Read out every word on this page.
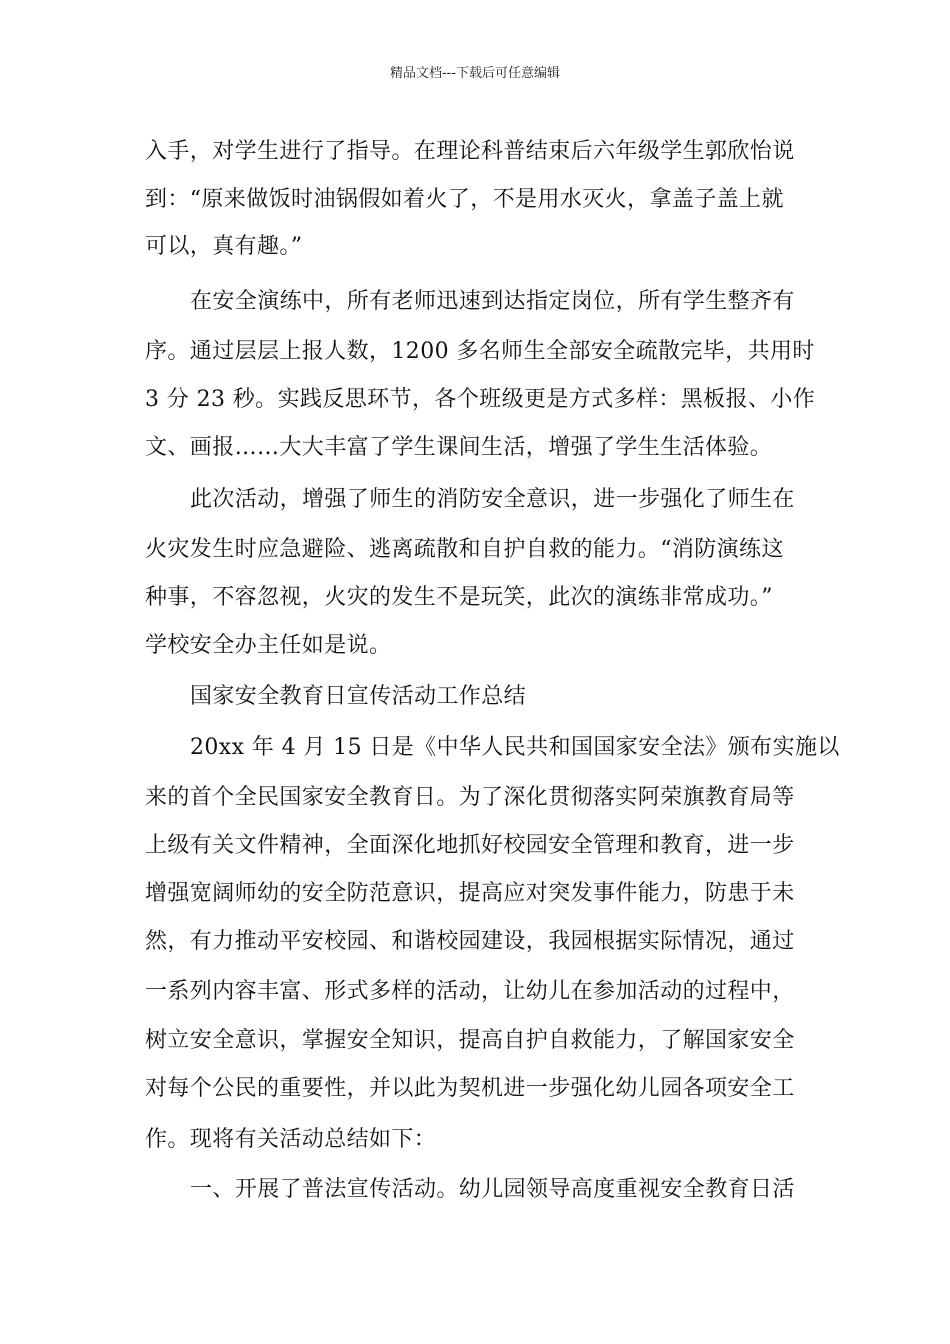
精品文档---下载后可任意编辑
入手，对学生进行了指导。在理论科普结束后六年级学生郭欣怡说
到：“原来做饭时油锅假如着火了，不是用水灭火，拿盖子盖上就
可以，真有趣。”
在安全演练中，所有老师迅速到达指定岗位，所有学生整齐有
序。通过层层上报人数，1200 多名师生全部安全疏散完毕，共用时
3 分 23 秒。实践反思环节，各个班级更是方式多样：黑板报、小作
文、画报……大大丰富了学生课间生活，增强了学生生活体验。
此次活动，增强了师生的消防安全意识，进一步强化了师生在
火灾发生时应急避险、逃离疏散和自护自救的能力。“消防演练这
种事，不容忽视，火灾的发生不是玩笑，此次的演练非常成功。”
学校安全办主任如是说。
国家安全教育日宣传活动工作总结
20xx 年 4 月 15 日是《中华人民共和国国家安全法》颁布实施以
来的首个全民国家安全教育日。为了深化贯彻落实阿荣旗教育局等
上级有关文件精神，全面深化地抓好校园安全管理和教育，进一步
增强宽阔师幼的安全防范意识，提高应对突发事件能力，防患于未
然，有力推动平安校园、和谐校园建设，我园根据实际情况，通过
一系列内容丰富、形式多样的活动，让幼儿在参加活动的过程中，
树立安全意识，掌握安全知识，提高自护自救能力，了解国家安全
对每个公民的重要性，并以此为契机进一步强化幼儿园各项安全工
作。现将有关活动总结如下：
一、开展了普法宣传活动。幼儿园领导高度重视安全教育日活
